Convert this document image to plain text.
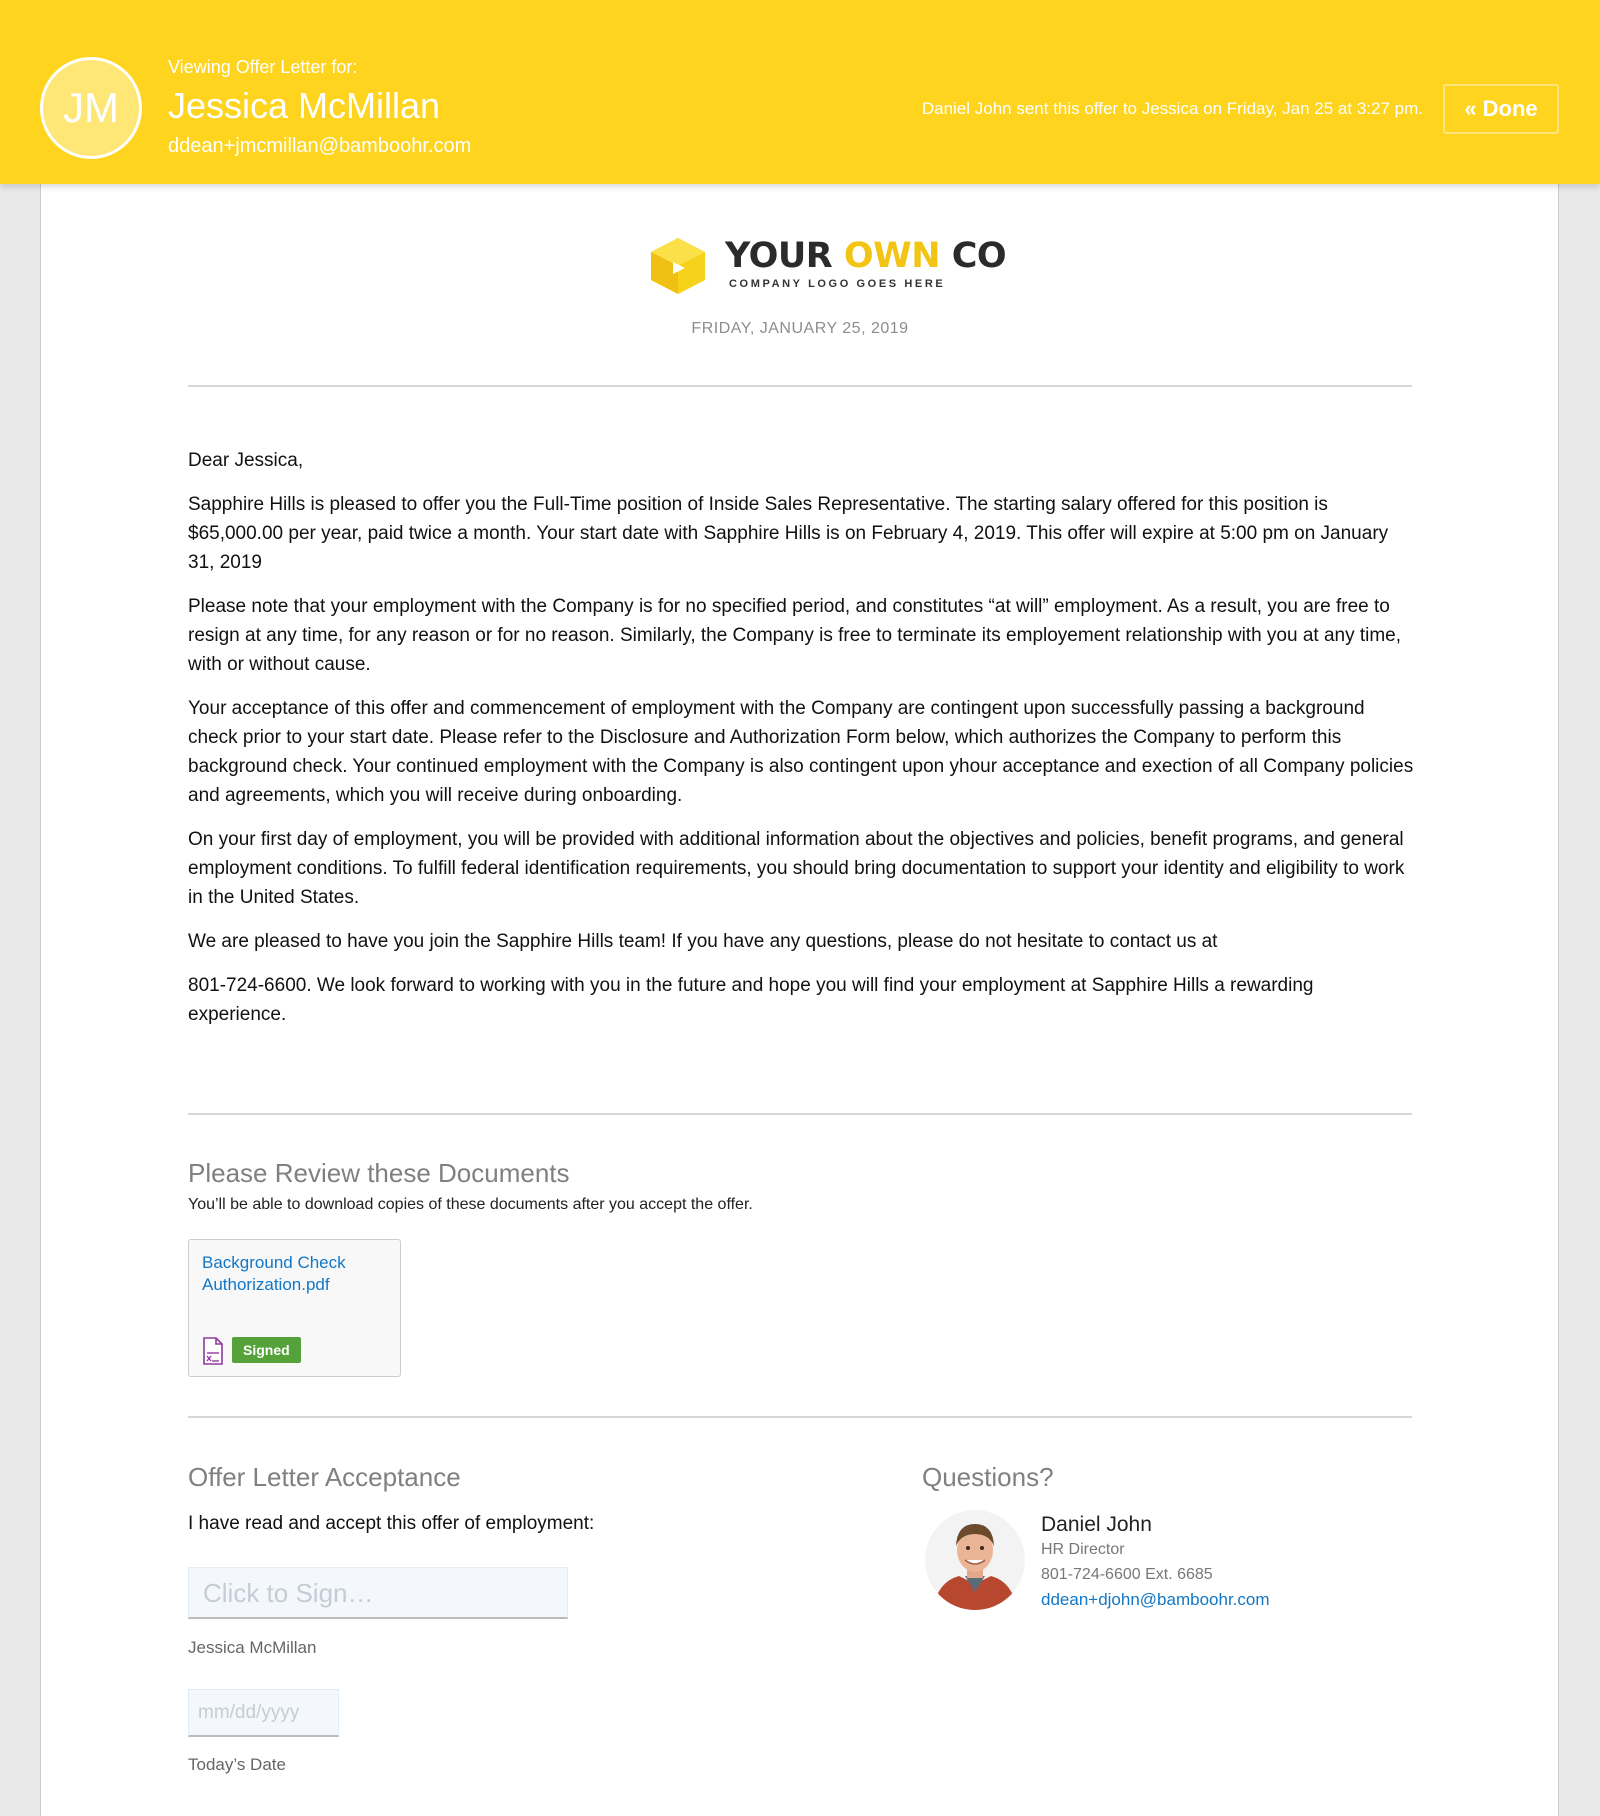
JM
Viewing Offer Letter for:
Jessica McMillan
ddean+jmcmillan@bamboohr.com
Daniel John sent this offer to Jessica on Friday, Jan 25 at 3:27 pm.	« Done
YOUR OWN CO
COMPANY LOGO GOES HERE
FRIDAY, JANUARY 25, 2019

Dear Jessica,

Sapphire Hills is pleased to offer you the Full-Time position of Inside Sales Representative. The starting salary offered for this position is $65,000.00 per year, paid twice a month. Your start date with Sapphire Hills is on February 4, 2019. This offer will expire at 5:00 pm on January 31, 2019

Please note that your employment with the Company is for no specified period, and constitutes “at will” employment. As a result, you are free to resign at any time, for any reason or for no reason. Similarly, the Company is free to terminate its employement relationship with you at any time, with or without cause.

Your acceptance of this offer and commencement of employment with the Company are contingent upon successfully passing a background check prior to your start date. Please refer to the Disclosure and Authorization Form below, which authorizes the Company to perform this background check. Your continued employment with the Company is also contingent upon yhour acceptance and exection of all Company policies and agreements, which you will receive during onboarding.

On your first day of employment, you will be provided with additional information about the objectives and policies, benefit programs, and general employment conditions. To fulfill federal identification requirements, you should bring documentation to support your identity and eligibility to work in the United States.

We are pleased to have you join the Sapphire Hills team! If you have any questions, please do not hesitate to contact us at

801-724-6600. We look forward to working with you in the future and hope you will find your employment at Sapphire Hills a rewarding experience.

Please Review these Documents
You’ll be able to download copies of these documents after you accept the offer.
Background Check Authorization.pdf
Signed
Offer Letter Acceptance
I have read and accept this offer of employment:
Click to Sign…
Jessica McMillan
mm/dd/yyyy
Today’s Date
Questions?
Daniel John
HR Director
801-724-6600 Ext. 6685
ddean+djohn@bamboohr.com
